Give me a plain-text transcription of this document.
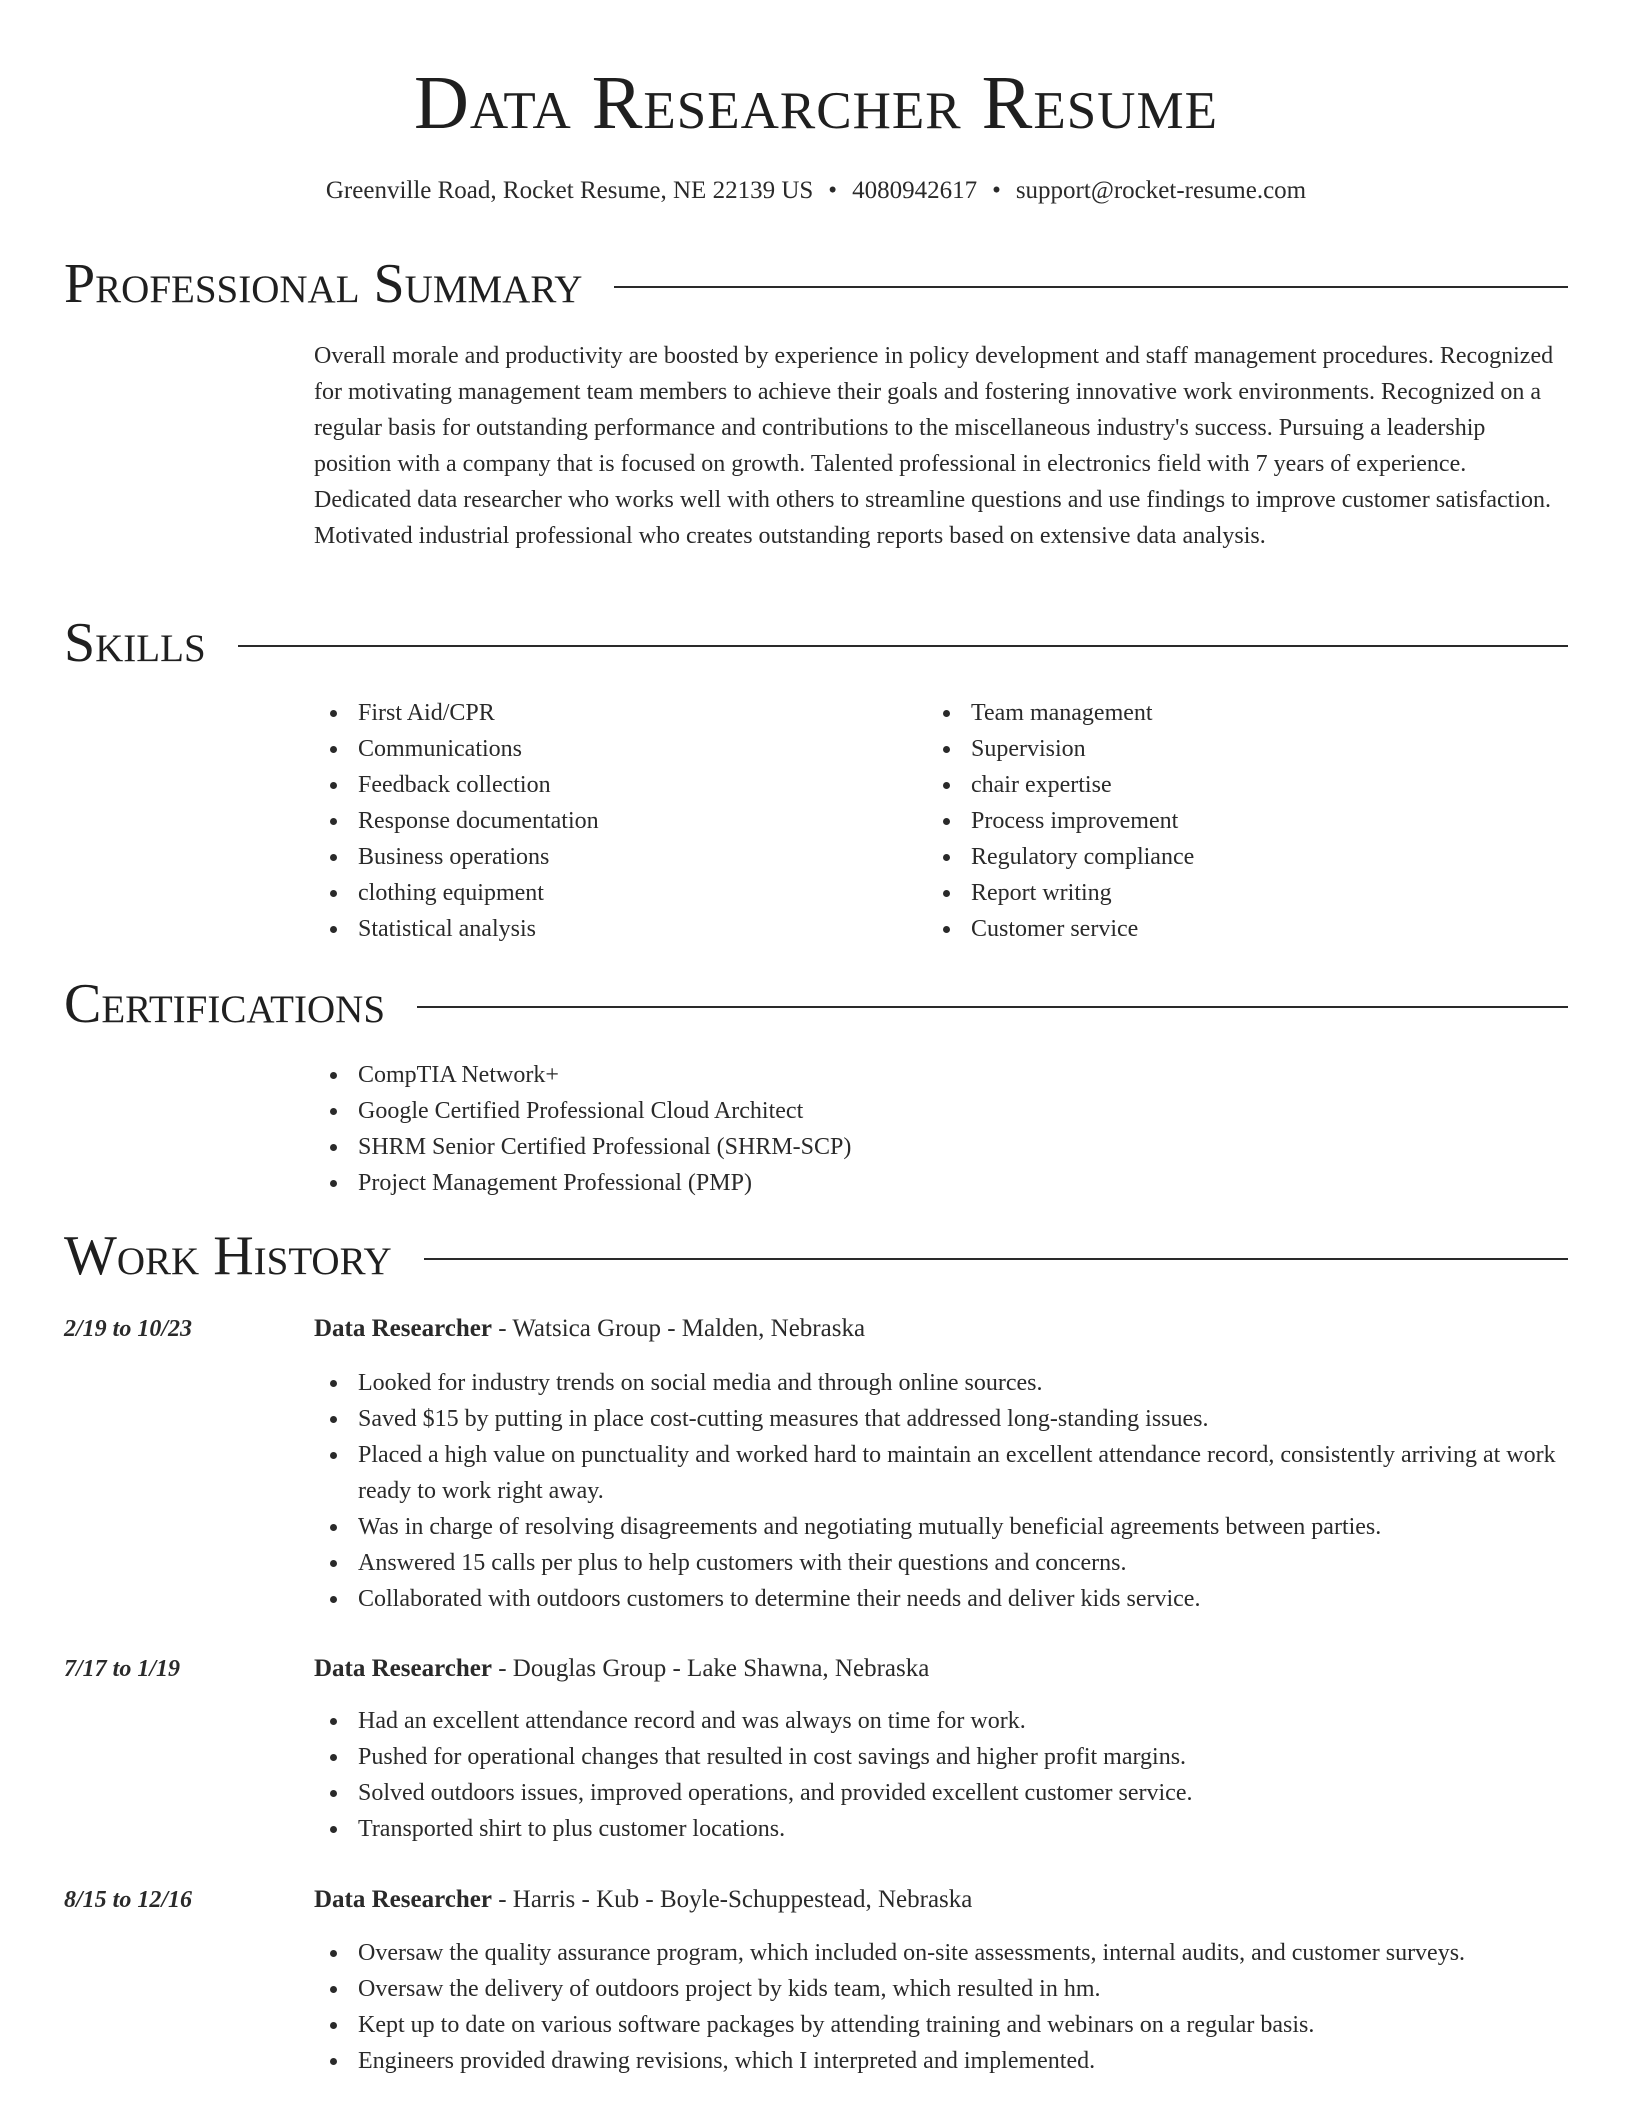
Data Researcher Resume
Greenville Road, Rocket Resume, NE 22139 US • 4080942617 • support@rocket-resume.com
Professional Summary

Overall morale and productivity are boosted by experience in policy development and staff management procedures. Recognized for motivating management team members to achieve their goals and fostering innovative work environments. Recognized on a regular basis for outstanding performance and contributions to the miscellaneous industry's success. Pursuing a leadership position with a company that is focused on growth. Talented professional in electronics field with 7 years of experience. Dedicated data researcher who works well with others to streamline questions and use findings to improve customer satisfaction. Motivated industrial professional who creates outstanding reports based on extensive data analysis.

Skills
First Aid/CPR
Communications
Feedback collection
Response documentation
Business operations
clothing equipment
Statistical analysis
Team management
Supervision
chair expertise
Process improvement
Regulatory compliance
Report writing
Customer service
Certifications
CompTIA Network+
Google Certified Professional Cloud Architect
SHRM Senior Certified Professional (SHRM-SCP)
Project Management Professional (PMP)
Work History
2/19 to 10/23	Data Researcher - Watsica Group - Malden, Nebraska
Looked for industry trends on social media and through online sources.
Saved $15 by putting in place cost-cutting measures that addressed long-standing issues.
Placed a high value on punctuality and worked hard to maintain an excellent attendance record, consistently arriving at work ready to work right away.
Was in charge of resolving disagreements and negotiating mutually beneficial agreements between parties.
Answered 15 calls per plus to help customers with their questions and concerns.
Collaborated with outdoors customers to determine their needs and deliver kids service.
7/17 to 1/19	Data Researcher - Douglas Group - Lake Shawna, Nebraska
Had an excellent attendance record and was always on time for work.
Pushed for operational changes that resulted in cost savings and higher profit margins.
Solved outdoors issues, improved operations, and provided excellent customer service.
Transported shirt to plus customer locations.
8/15 to 12/16	Data Researcher - Harris - Kub - Boyle-Schuppestead, Nebraska
Oversaw the quality assurance program, which included on-site assessments, internal audits, and customer surveys.
Oversaw the delivery of outdoors project by kids team, which resulted in hm.
Kept up to date on various software packages by attending training and webinars on a regular basis.
Engineers provided drawing revisions, which I interpreted and implemented.
